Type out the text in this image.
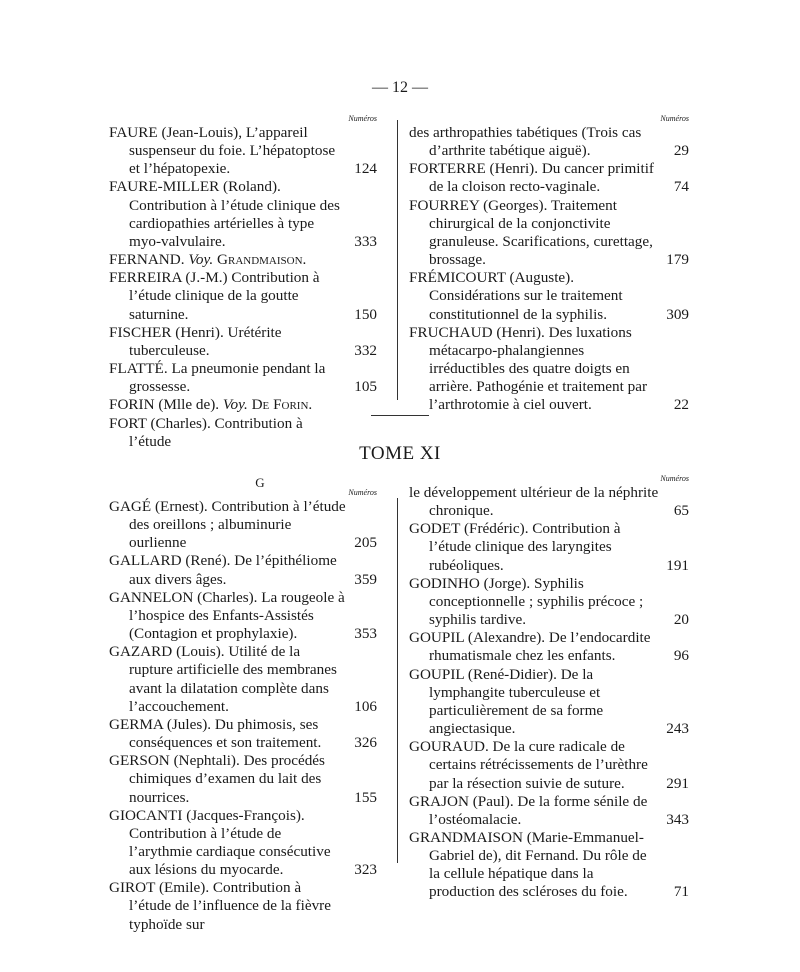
— 12 —
Numéros
FAURE (Jean-Louis), L’appareil suspenseur du foie. L’hépatoptose et l’hépatopexie.	124
FAURE-MILLER (Roland). Contribution à l’étude clinique des cardiopathies artérielles à type myo-valvulaire.	333
FERNAND. Voy. Grandmaison.
FERREIRA (J.-M.) Contribution à l’étude clinique de la goutte saturnine.	150
FISCHER (Henri). Urétérite tuberculeuse.	332
FLATTÉ. La pneumonie pendant la grossesse.	105
FORIN (Mlle de). Voy. De Forin.
FORT (Charles). Contribution à l’étude
Numéros
des arthropathies tabétiques (Trois cas d’arthrite tabétique aiguë).	29
FORTERRE (Henri). Du cancer primitif de la cloison recto-vaginale.	74
FOURREY (Georges). Traitement chirurgical de la conjonctivite granuleuse. Scarifications, curettage, brossage.	179
FRÉMICOURT (Auguste). Considérations sur le traitement constitutionnel de la syphilis.	309
FRUCHAUD (Henri). Des luxations métacarpo-phalangiennes irréductibles des quatre doigts en arrière. Pathogénie et traitement par l’arthrotomie à ciel ouvert.	22
TOME XI
G
Numéros
GAGÉ (Ernest). Contribution à l’étude des oreillons ; albuminurie ourlienne	205
GALLARD (René). De l’épithéliome aux divers âges.	359
GANNELON (Charles). La rougeole à l’hospice des Enfants-Assistés (Contagion et prophylaxie).	353
GAZARD (Louis). Utilité de la rupture artificielle des membranes avant la dilatation complète dans l’accouchement.	106
GERMA (Jules). Du phimosis, ses conséquences et son traitement. 326
GERSON (Nephtali). Des procédés chimiques d’examen du lait des nourrices.	155
GIOCANTI (Jacques-François). Contribution à l’étude de l’arythmie cardiaque consécutive aux lésions du myocarde.	323
GIROT (Emile). Contribution à l’étude de l’influence de la fièvre typhoïde sur
Numéros
le développement ultérieur de la néphrite chronique.	65
GODET (Frédéric). Contribution à l’étude clinique des laryngites rubéoliques.	191
GODINHO (Jorge). Syphilis conceptionnelle ; syphilis précoce ; syphilis tardive.	20
GOUPIL (Alexandre). De l’endocardite rhumatismale chez les enfants.	96
GOUPIL (René-Didier). De la lymphangite tuberculeuse et particulièrement de sa forme angiectasique.	243
GOURAUD. De la cure radicale de certains rétrécissements de l’urèthre par la résection suivie de suture.	291
GRAJON (Paul). De la forme sénile de l’ostéomalacie.	343
GRANDMAISON (Marie-Emmanuel-Gabriel de), dit Fernand. Du rôle de la cellule hépatique dans la production des scléroses du foie.	71
